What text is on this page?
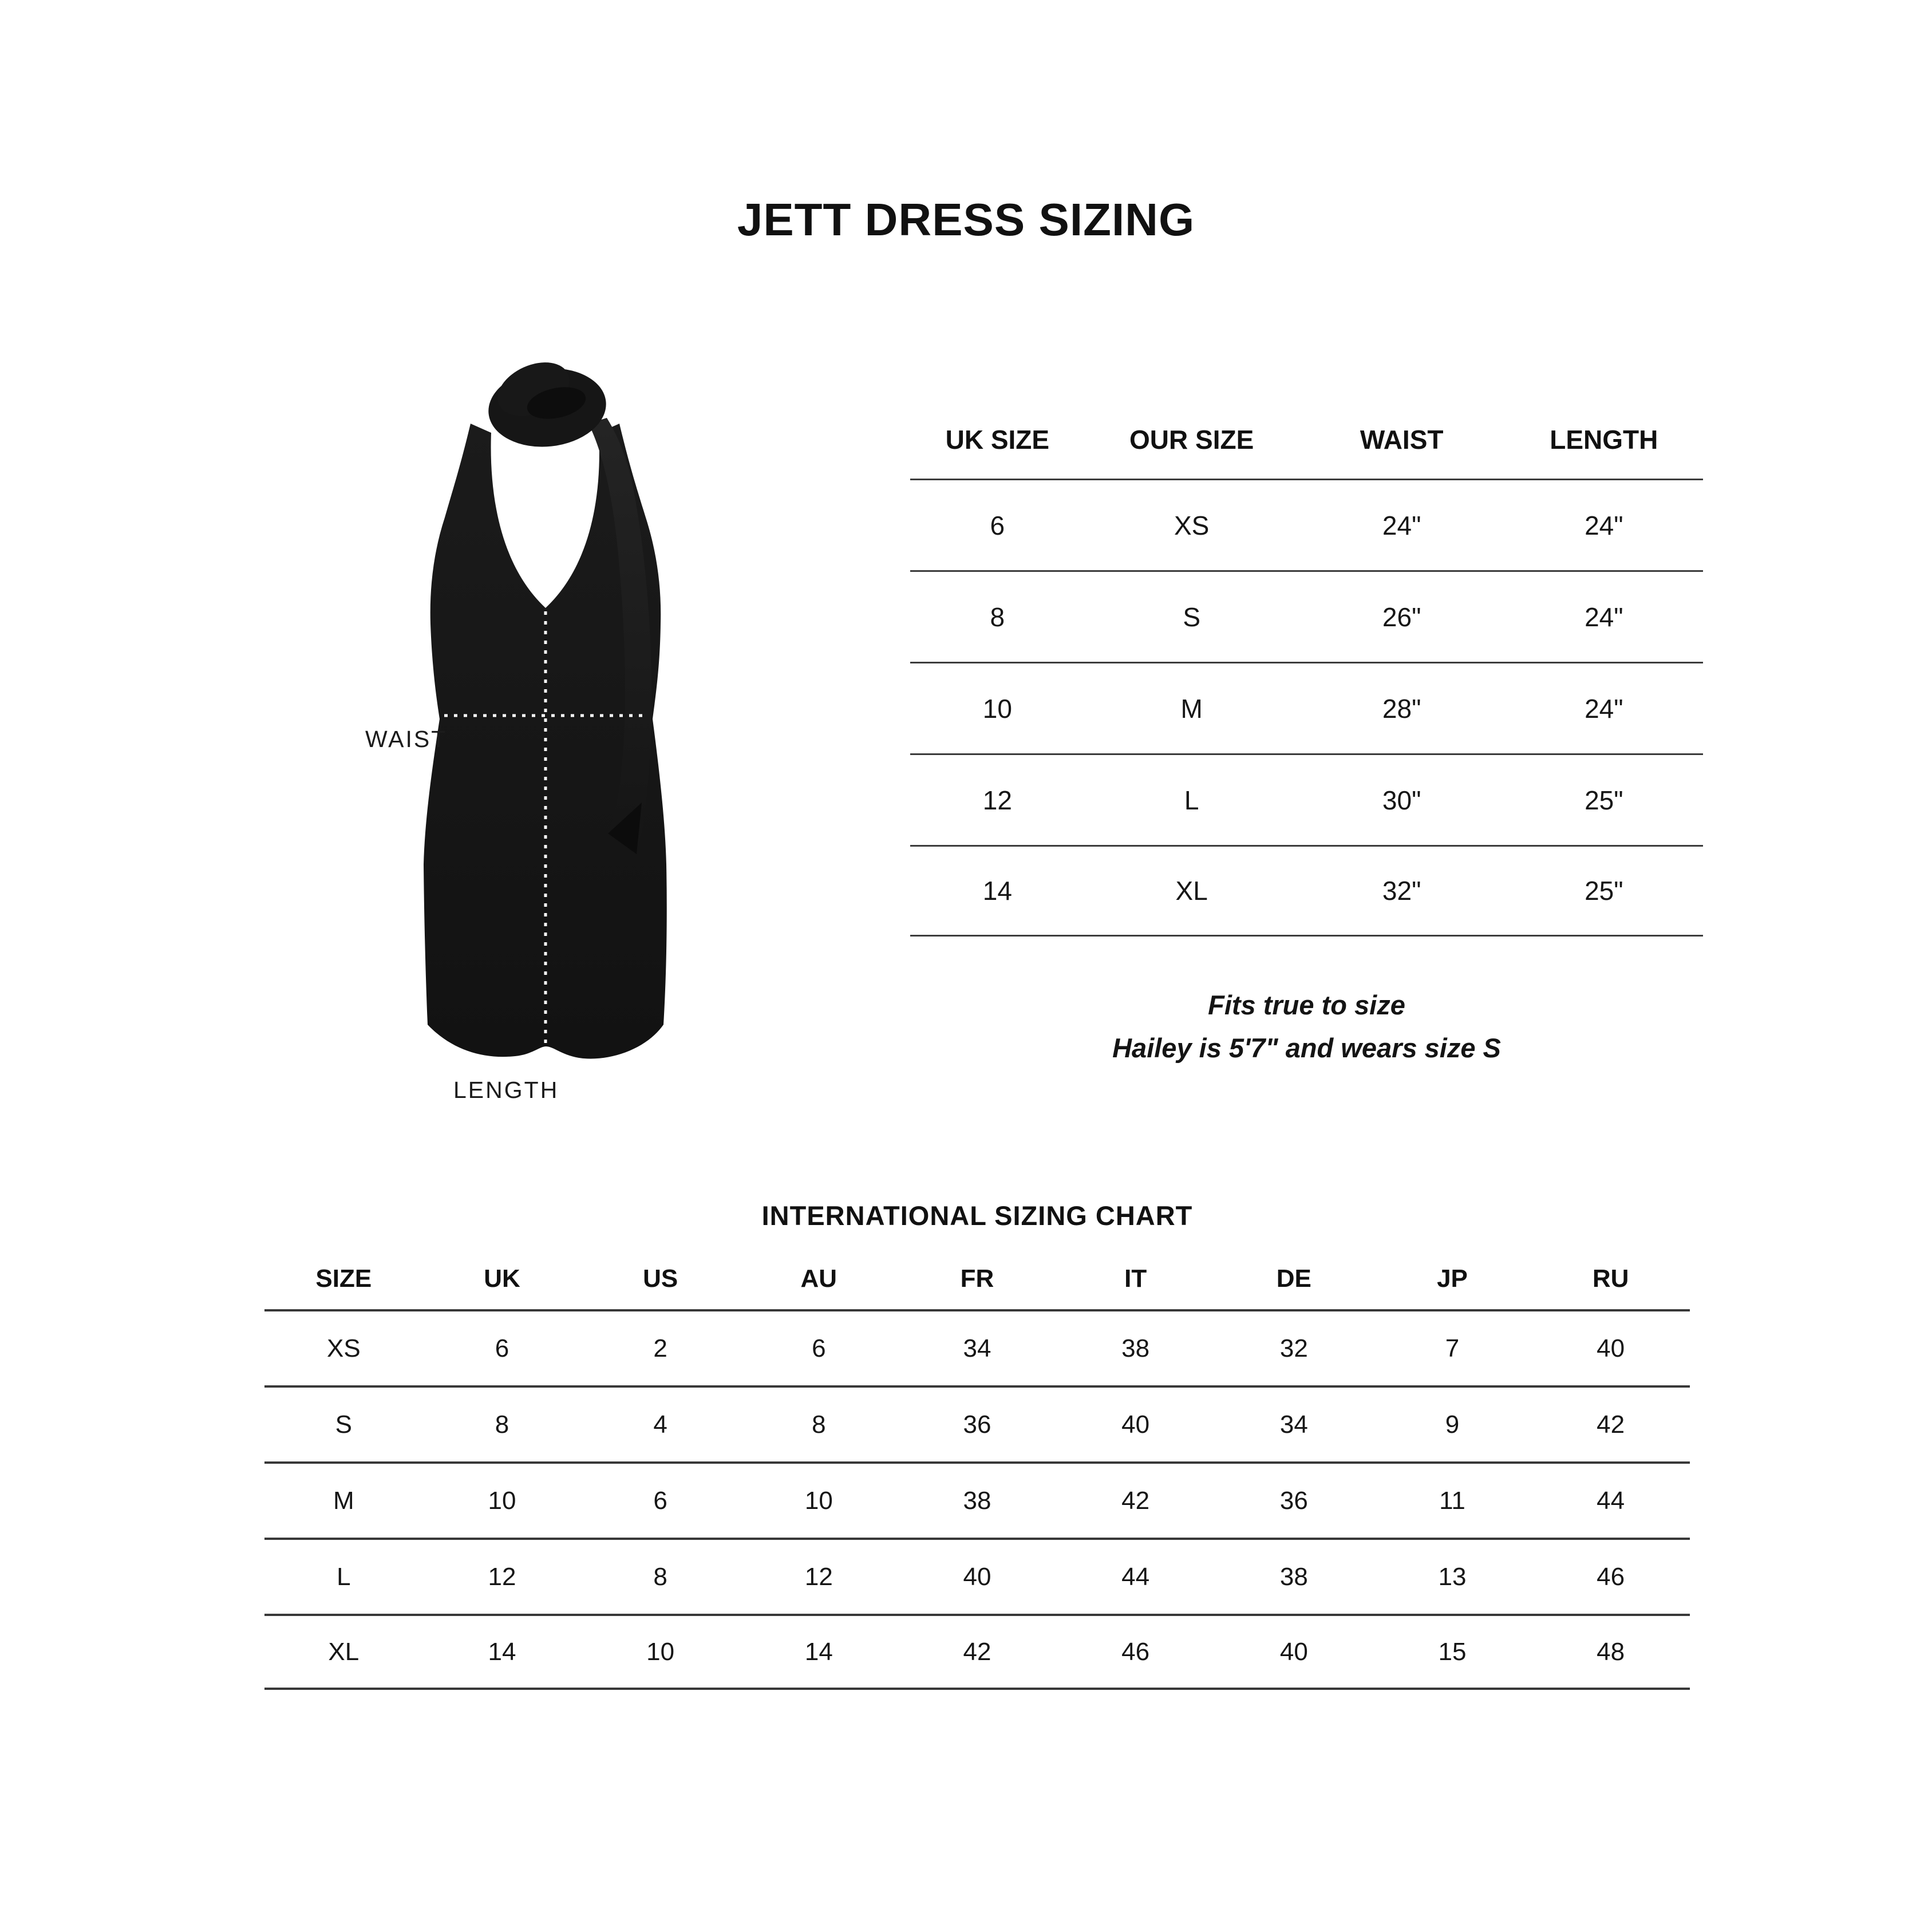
JETT DRESS SIZING
WAIST
LENGTH
UK SIZE	OUR SIZE	WAIST	LENGTH
6	XS	24"	24"
8	S	26"	24"
10	M	28"	24"
12	L	30"	25"
14	XL	32"	25"
Fits true to size
Hailey is 5'7" and wears size S
INTERNATIONAL SIZING CHART
SIZE	UK	US	AU	FR	IT	DE	JP	RU
XS	6	2	6	34	38	32	7	40
S	8	4	8	36	40	34	9	42
M	10	6	10	38	42	36	11	44
L	12	8	12	40	44	38	13	46
XL	14	10	14	42	46	40	15	48
